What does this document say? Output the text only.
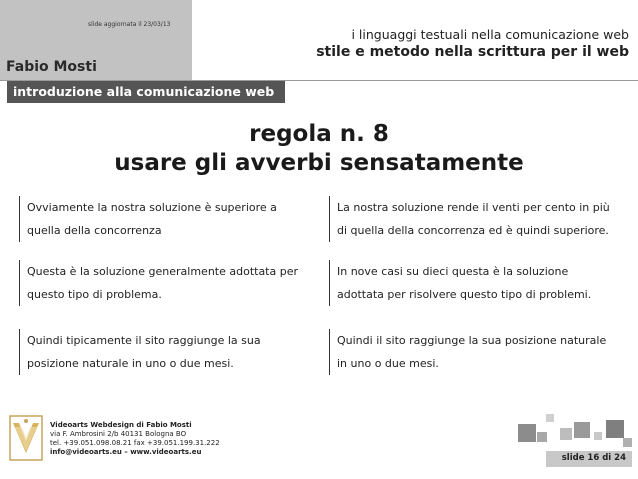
slide aggiornata il 23/03/13
Fabio Mosti
introduzione alla comunicazione web
i linguaggi testuali nella comunicazione web
stile e metodo nella scrittura per il web
regola n. 8
usare gli avverbi sensatamente
Ovviamente la nostra soluzione è superiore a
quella della concorrenza
La nostra soluzione rende il venti per cento in più
di quella della concorrenza ed è quindi superiore.
Questa è la soluzione generalmente adottata per
questo tipo di problema.
In nove casi su dieci questa è la soluzione
adottata per risolvere questo tipo di problemi.
Quindi tipicamente il sito raggiunge la sua
posizione naturale in uno o due mesi.
Quindi il sito raggiunge la sua posizione naturale
in uno o due mesi.
Videoarts Webdesign di Fabio Mosti
via F. Ambrosini 2/b 40131 Bologna BO
tel. +39.051.098.08.21 fax +39.051.199.31.222
info@videoarts.eu – www.videoarts.eu
slide 16 di 24
